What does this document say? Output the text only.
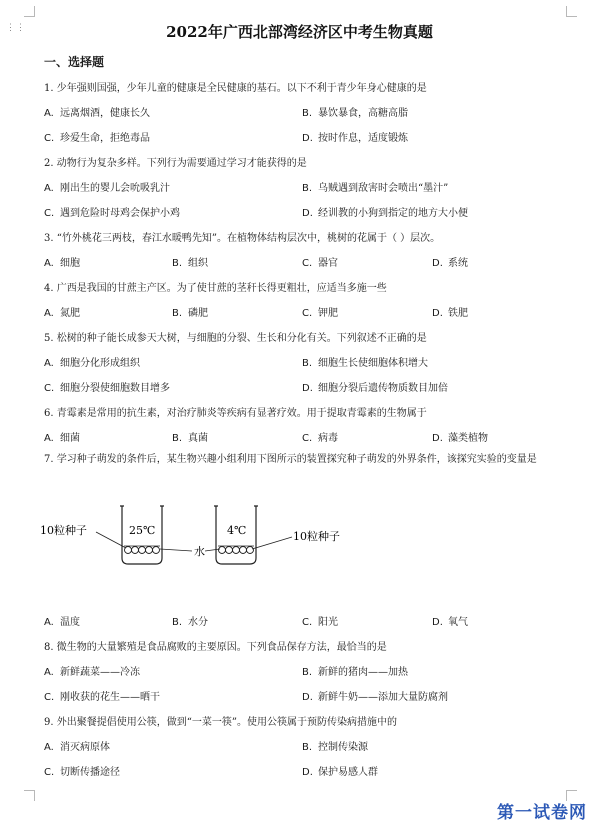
⋮⋮	2022年广西北部湾经济区中考生物真题
一、选择题
1. 少年强则国强，少年儿童的健康是全民健康的基石。以下不利于青少年身心健康的是
A. 远离烟酒，健康长久	B. 暴饮暴食，高糖高脂
C. 珍爱生命，拒绝毒品	D. 按时作息，适度锻炼
2. 动物行为复杂多样。下列行为需要通过学习才能获得的是
A. 刚出生的婴儿会吮吸乳汁	B. 乌贼遇到敌害时会喷出“墨汁”
C. 遇到危险时母鸡会保护小鸡	D. 经训教的小狗到指定的地方大小便
3. “竹外桃花三两枝，春江水暖鸭先知”。在植物体结构层次中，桃树的花属于（ ）层次。
A. 细胞	B. 组织	C. 器官	D. 系统
4. 广西是我国的甘蔗主产区。为了使甘蔗的茎秆长得更粗壮，应适当多施一些
A. 氮肥	B. 磷肥	C. 钾肥	D. 铁肥
5. 松树的种子能长成参天大树，与细胞的分裂、生长和分化有关。下列叙述不正确的是
A. 细胞分化形成组织	B. 细胞生长使细胞体积增大
C. 细胞分裂使细胞数目增多	D. 细胞分裂后遗传物质数目加倍
6. 青霉素是常用的抗生素，对治疗肺炎等疾病有显著疗效。用于提取青霉素的生物属于
A. 细菌	B. 真菌	C. 病毒	D. 藻类植物
7. 学习种子萌发的条件后，某生物兴趣小组利用下图所示的装置探究种子萌发的外界条件，该探究实验的变量是
25℃	4℃
10粒种子
水
10粒种子
A. 温度	B. 水分	C. 阳光	D. 氧气
8. 微生物的大量繁殖是食品腐败的主要原因。下列食品保存方法，最恰当的是
A. 新鲜蔬菜——冷冻	B. 新鲜的猪肉——加热
C. 刚收获的花生——晒干	D. 新鲜牛奶——添加大量防腐剂
9. 外出聚餐提倡使用公筷，做到“一菜一筷”。使用公筷属于预防传染病措施中的
A. 消灭病原体	B. 控制传染源
C. 切断传播途径	D. 保护易感人群
第一试卷网
